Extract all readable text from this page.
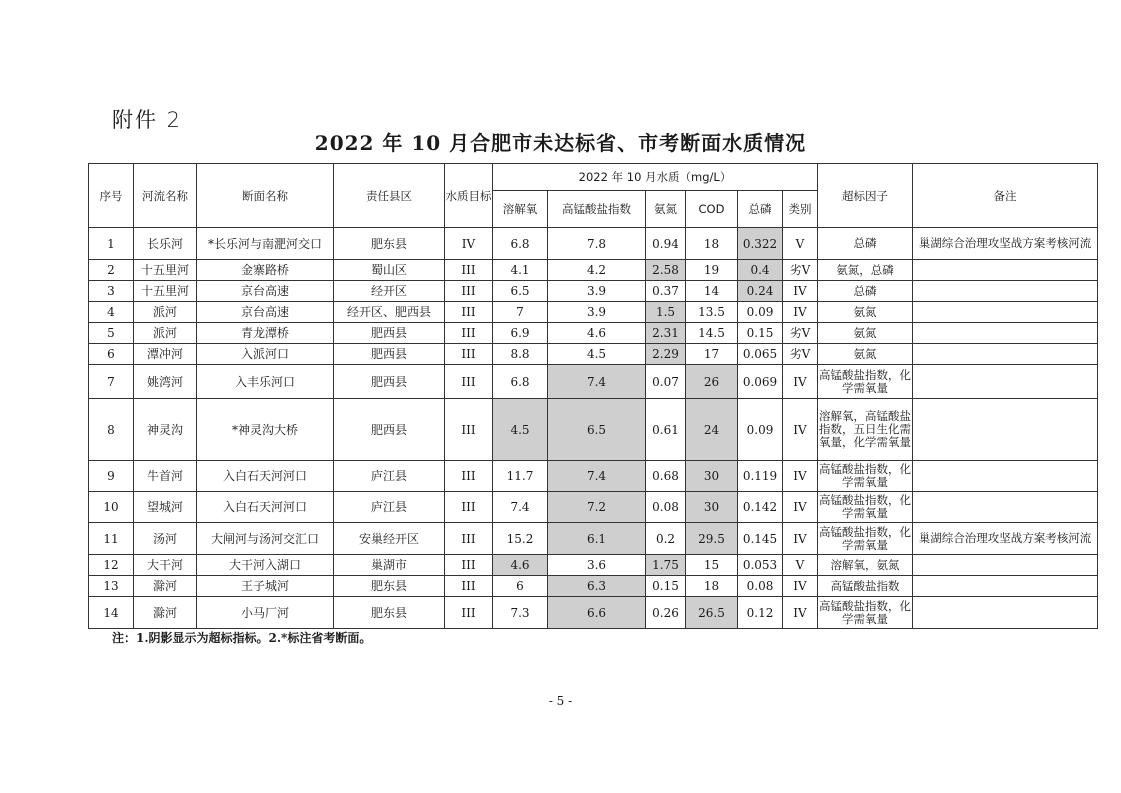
附件 2
2022 年 10 月合肥市未达标省、市考断面水质情况
序号	河流名称	断面名称	责任县区	水质目标	2022 年 10 月水质（mg/L）						超标因子	备注
					溶解氧	高锰酸盐指数	氨氮	COD	总磷	类别		
1	长乐河	*长乐河与南淝河交口	肥东县	IV	6.8	7.8	0.94	18	0.322	V	总磷	巢湖综合治理攻坚战方案考核河流
2	十五里河	金寨路桥	蜀山区	III	4.1	4.2	2.58	19	0.4	劣V	氨氮，总磷	
3	十五里河	京台高速	经开区	III	6.5	3.9	0.37	14	0.24	IV	总磷	
4	派河	京台高速	经开区、肥西县	III	7	3.9	1.5	13.5	0.09	IV	氨氮	
5	派河	青龙潭桥	肥西县	III	6.9	4.6	2.31	14.5	0.15	劣V	氨氮	
6	潭冲河	入派河口	肥西县	III	8.8	4.5	2.29	17	0.065	劣V	氨氮	
7	姚湾河	入丰乐河口	肥西县	III	6.8	7.4	0.07	26	0.069	IV	高锰酸盐指数，化学需氧量	
8	神灵沟	*神灵沟大桥	肥西县	III	4.5	6.5	0.61	24	0.09	IV	溶解氧，高锰酸盐指数，五日生化需氧量，化学需氧量	
9	牛首河	入白石天河河口	庐江县	III	11.7	7.4	0.68	30	0.119	IV	高锰酸盐指数，化学需氧量	
10	望城河	入白石天河河口	庐江县	III	7.4	7.2	0.08	30	0.142	IV	高锰酸盐指数，化学需氧量	
11	汤河	大闸河与汤河交汇口	安巢经开区	III	15.2	6.1	0.2	29.5	0.145	IV	高锰酸盐指数，化学需氧量	巢湖综合治理攻坚战方案考核河流
12	大干河	大干河入湖口	巢湖市	III	4.6	3.6	1.75	15	0.053	V	溶解氧，氨氮	
13	滁河	王子城河	肥东县	III	6	6.3	0.15	18	0.08	IV	高锰酸盐指数	
14	滁河	小马厂河	肥东县	III	7.3	6.6	0.26	26.5	0.12	IV	高锰酸盐指数，化学需氧量	
注：1.阴影显示为超标指标。2.*标注省考断面。
- 5 -
